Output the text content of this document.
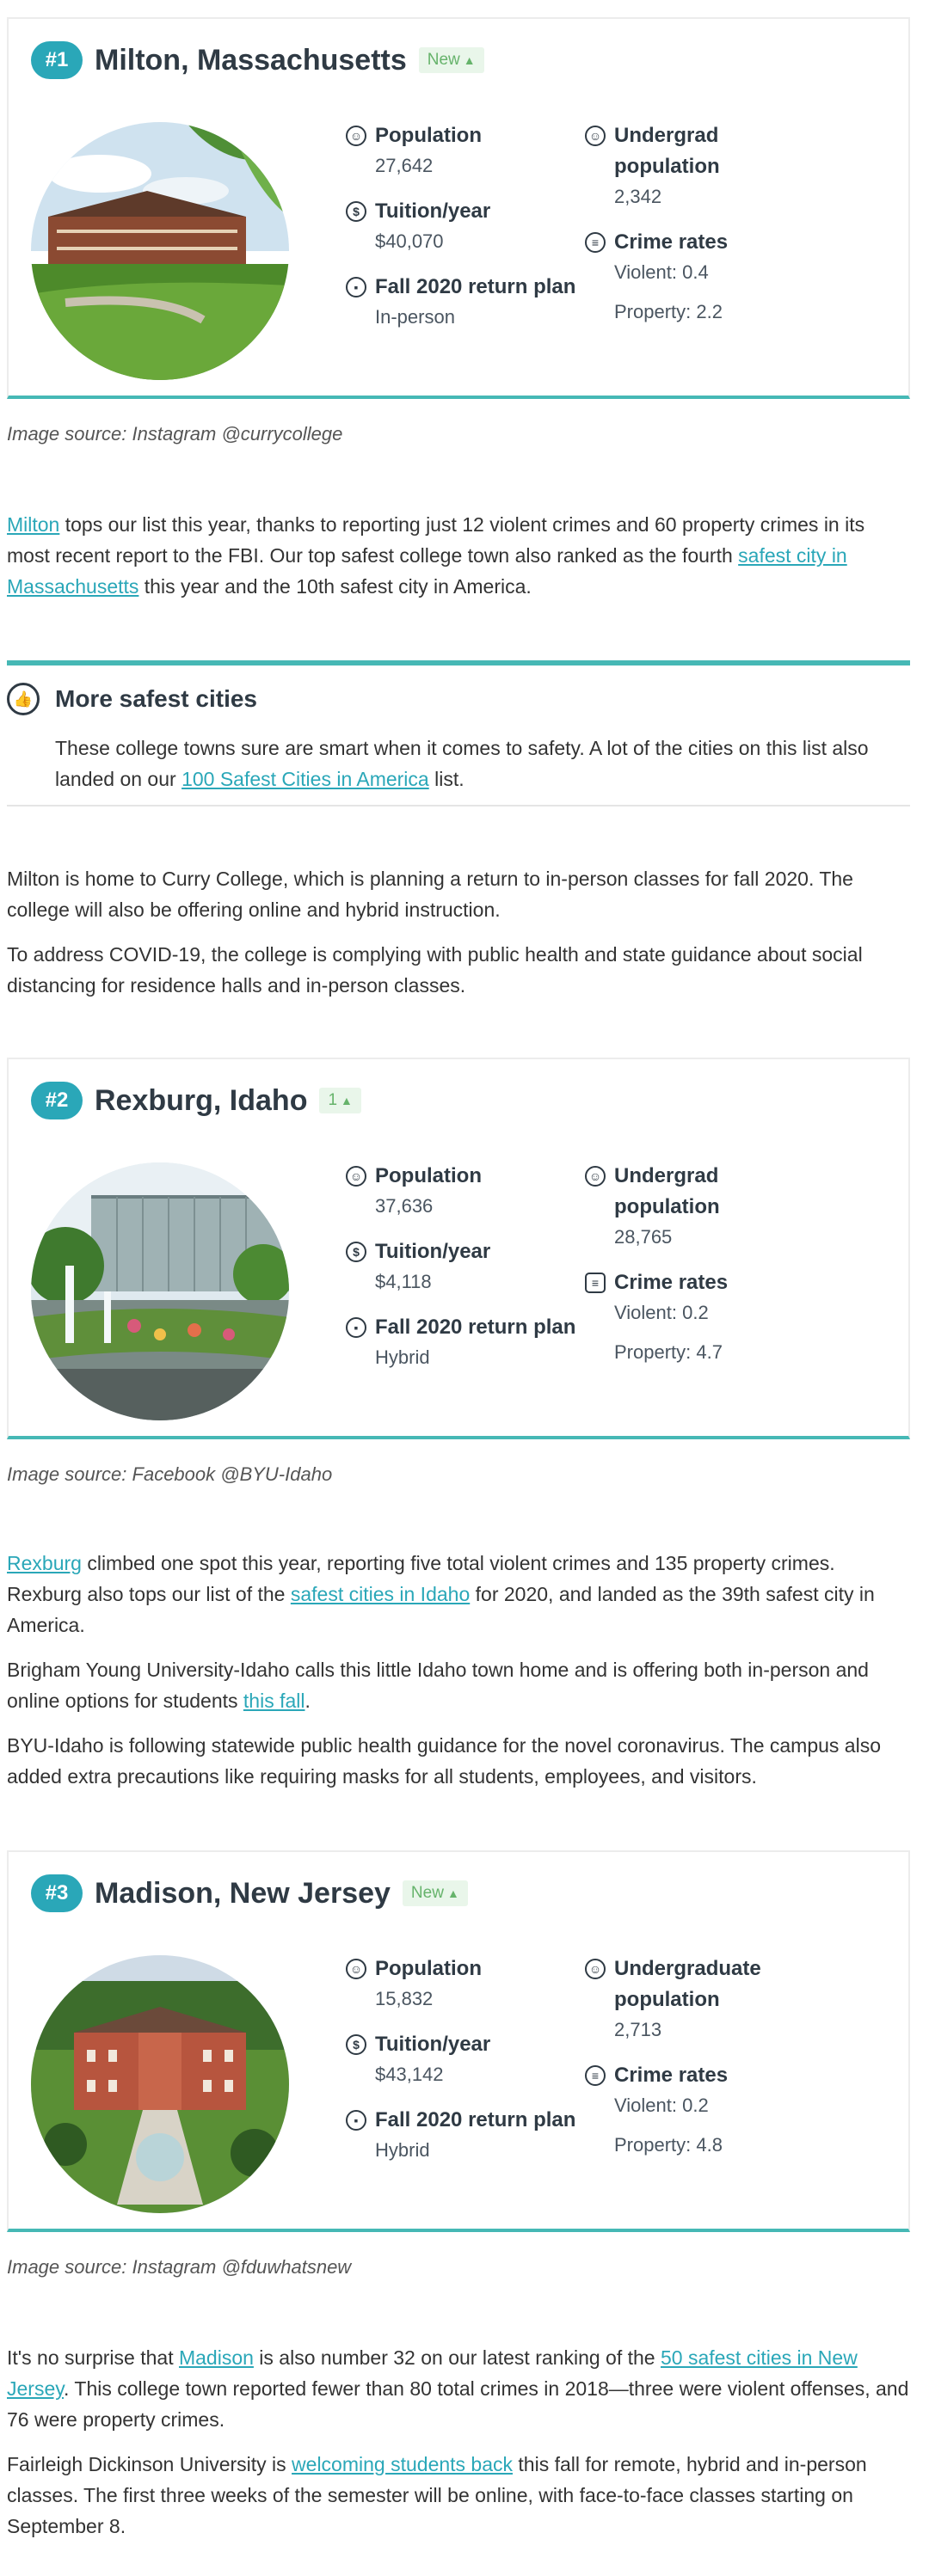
#1 Milton, Massachusetts New ▲
☺ Population
27,642
$ Tuition/year
$40,070
▪ Fall 2020 return plan
In-person
☺ Undergrad
population
2,342
≡ Crime rates
Violent: 0.4
Property: 2.2
Image source: Instagram @currycollege

Milton tops our list this year, thanks to reporting just 12 violent crimes and 60 property crimes in its most recent report to the FBI. Our top safest college town also ranked as the fourth safest city in Massachusetts this year and the 10th safest city in America.

👍 More safest cities
These college towns sure are smart when it comes to safety. A lot of the cities on this list also landed on our 100 Safest Cities in America list.

Milton is home to Curry College, which is planning a return to in-person classes for fall 2020. The college will also be offering online and hybrid instruction.

To address COVID-19, the college is complying with public health and state guidance about social distancing for residence halls and in-person classes.

#2 Rexburg, Idaho 1 ▲
☺ Population
37,636
$ Tuition/year
$4,118
▪ Fall 2020 return plan
Hybrid
☺ Undergrad
population
28,765
≡ Crime rates
Violent: 0.2
Property: 4.7
Image source: Facebook @BYU-Idaho

Rexburg climbed one spot this year, reporting five total violent crimes and 135 property crimes. Rexburg also tops our list of the safest cities in Idaho for 2020, and landed as the 39th safest city in America.

Brigham Young University-Idaho calls this little Idaho town home and is offering both in-person and online options for students this fall.

BYU-Idaho is following statewide public health guidance for the novel coronavirus. The campus also added extra precautions like requiring masks for all students, employees, and visitors.

#3 Madison, New Jersey New ▲
☺ Population
15,832
$ Tuition/year
$43,142
▪ Fall 2020 return plan
Hybrid
☺ Undergraduate
population
2,713
≡ Crime rates
Violent: 0.2
Property: 4.8
Image source: Instagram @fduwhatsnew

It's no surprise that Madison is also number 32 on our latest ranking of the 50 safest cities in New Jersey. This college town reported fewer than 80 total crimes in 2018—three were violent offenses, and 76 were property crimes.

Fairleigh Dickinson University is welcoming students back this fall for remote, hybrid and in-person classes. The first three weeks of the semester will be online, with face-to-face classes starting on September 8.
